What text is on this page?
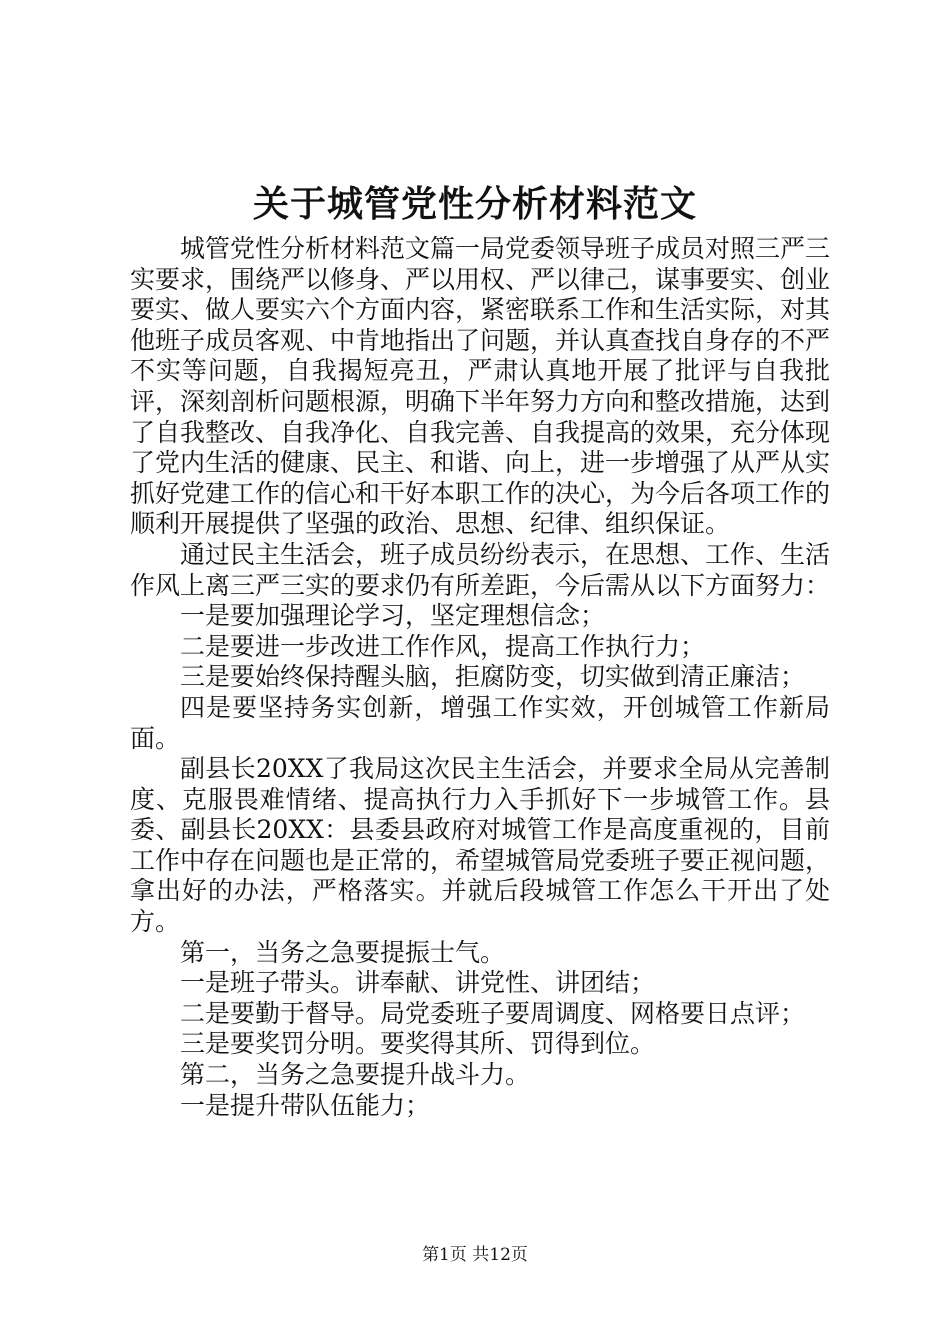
关于城管党性分析材料范文

城管党性分析材料范文篇一局党委领导班子成员对照三严三实要求，围绕严以修身、严以用权、严以律己，谋事要实、创业要实、做人要实六个方面内容，紧密联系工作和生活实际，对其他班子成员客观、中肯地指出了问题，并认真查找自身存的不严不实等问题，自我揭短亮丑，严肃认真地开展了批评与自我批评，深刻剖析问题根源，明确下半年努力方向和整改措施，达到了自我整改、自我净化、自我完善、自我提高的效果，充分体现了党内生活的健康、民主、和谐、向上，进一步增强了从严从实抓好党建工作的信心和干好本职工作的决心，为今后各项工作的顺利开展提供了坚强的政治、思想、纪律、组织保证。

通过民主生活会，班子成员纷纷表示，在思想、工作、生活作风上离三严三实的要求仍有所差距，今后需从以下方面努力：

一是要加强理论学习，坚定理想信念；

二是要进一步改进工作作风，提高工作执行力；

三是要始终保持醒头脑，拒腐防变，切实做到清正廉洁；

四是要坚持务实创新，增强工作实效，开创城管工作新局面。

副县长20XX了我局这次民主生活会，并要求全局从完善制度、克服畏难情绪、提高执行力入手抓好下一步城管工作。县委、副县长20XX：县委县政府对城管工作是高度重视的，目前工作中存在问题也是正常的，希望城管局党委班子要正视问题，拿出好的办法，严格落实。并就后段城管工作怎么干开出了处方。

第一，当务之急要提振士气。

一是班子带头。讲奉献、讲党性、讲团结；

二是要勤于督导。局党委班子要周调度、网格要日点评；

三是要奖罚分明。要奖得其所、罚得到位。

第二，当务之急要提升战斗力。

一是提升带队伍能力；

第1页 共12页
